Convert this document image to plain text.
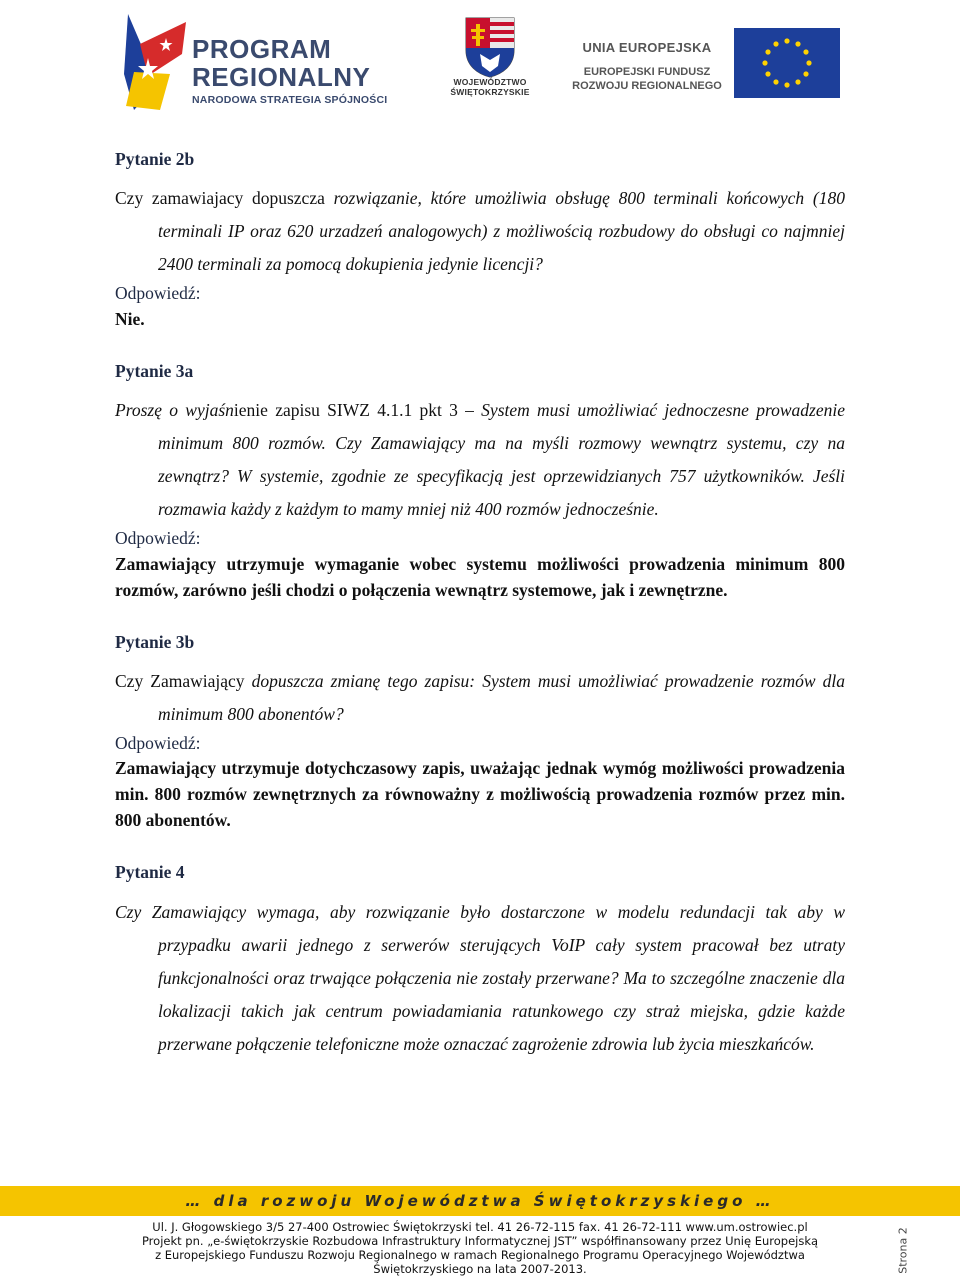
PROGRAM
REGIONALNY
NARODOWA STRATEGIA SPÓJNOŚCI
WOJEWÓDZTWO
ŚWIĘTOKRZYSKIE
UNIA EUROPEJSKA
EUROPEJSKI FUNDUSZ
ROZWOJU REGIONALNEGO
Pytanie 2b
Czy zamawiajacy dopuszcza rozwiązanie, które umożliwia obsługę 800 terminali końcowych (180 terminali IP oraz 620 urzadzeń analogowych) z możliwością rozbudowy do obsługi co najmniej 2400 terminali za pomocą dokupienia jedynie licencji?
Odpowiedź:
Nie.
Pytanie 3a
Proszę o wyjaśnienie zapisu SIWZ 4.1.1 pkt 3 – System musi umożliwiać jednoczesne prowadzenie minimum 800 rozmów. Czy Zamawiający ma na myśli rozmowy wewnątrz systemu, czy na zewnątrz? W systemie, zgodnie ze specyfikacją jest oprzewidzianych 757 użytkowników. Jeśli rozmawia każdy z każdym to mamy mniej niż 400 rozmów jednocześnie.
Odpowiedź:
Zamawiający utrzymuje wymaganie wobec systemu możliwości prowadzenia minimum 800 rozmów, zarówno jeśli chodzi o połączenia wewnątrz systemowe, jak i zewnętrzne.
Pytanie 3b
Czy Zamawiający dopuszcza zmianę tego zapisu: System musi umożliwiać prowadzenie rozmów dla minimum 800 abonentów?
Odpowiedź:
Zamawiający utrzymuje dotychczasowy zapis, uważając jednak wymóg możliwości prowadzenia min. 800 rozmów zewnętrznych za równoważny z możliwością prowadzenia rozmów przez min. 800 abonentów.
Pytanie 4
Czy Zamawiający wymaga, aby rozwiązanie było dostarczone w modelu redundacji tak aby w przypadku awarii jednego z serwerów sterujących VoIP cały system pracował bez utraty funkcjonalności oraz trwające połączenia nie zostały przerwane? Ma to szczególne znaczenie dla lokalizacji takich jak centrum powiadamiania ratunkowego czy straż miejska, gdzie każde przerwane połączenie telefoniczne może oznaczać zagrożenie zdrowia lub życia mieszkańców.
… dla rozwoju Województwa Świętokrzyskiego …
Ul. J. Głogowskiego 3/5 27-400 Ostrowiec Świętokrzyski tel. 41 26-72-115 fax. 41 26-72-111 www.um.ostrowiec.pl
Projekt pn. „e-świętokrzyskie Rozbudowa Infrastruktury Informatycznej JST” współfinansowany przez Unię Europejską
z Europejskiego Funduszu Rozwoju Regionalnego w ramach Regionalnego Programu Operacyjnego Województwa
Świętokrzyskiego na lata 2007-2013.	Strona 2
